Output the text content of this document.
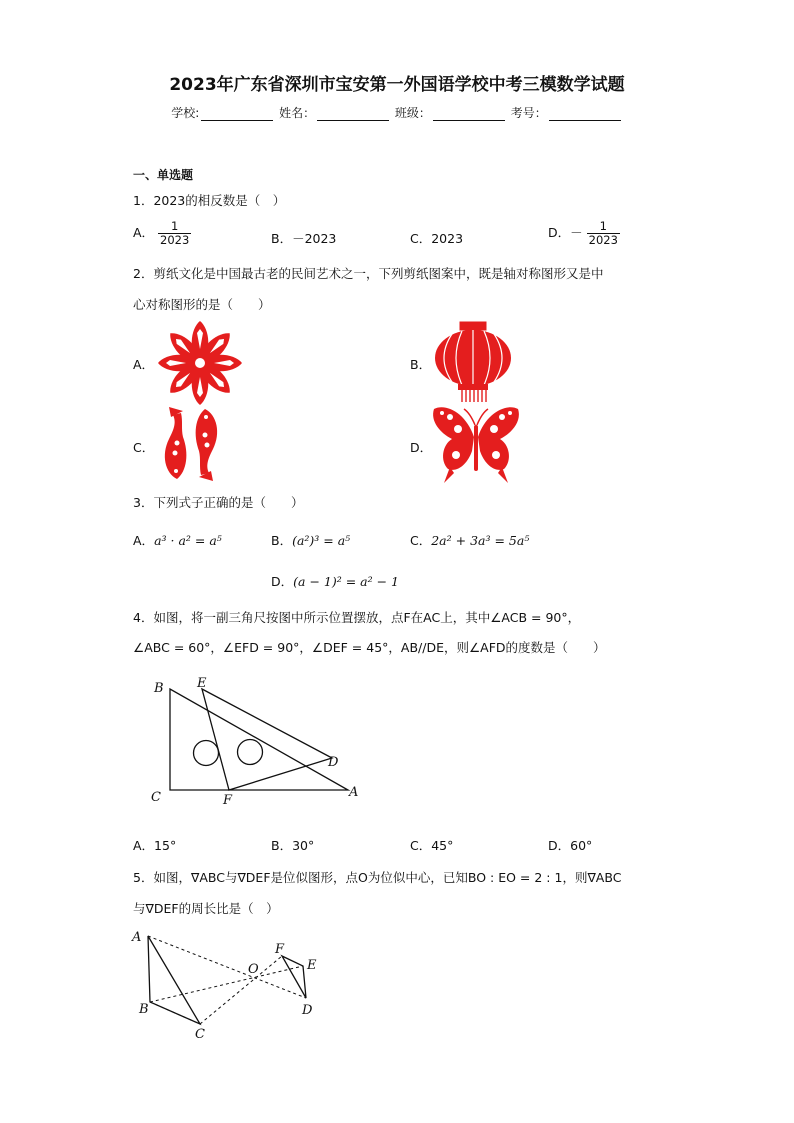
2023年广东省深圳市宝安第一外国语学校中考三模数学试题
学校:	姓名：	班级：	考号：
一、单选题
1．2023的相反数是（　）
A． $\frac{1}{2023}$	B．－2023	C．2023	D．－ $\frac{1}{2023}$
2．剪纸文化是中国最古老的民间艺术之一，下列剪纸图案中，既是轴对称图形又是中
心对称图形的是（　　）
A．	B．
C．	D．
3．下列式子正确的是（　　）
A．a³ · a² = a⁵	B．(a²)³ = a⁵	C．2a² + 3a³ = 5a⁵
D．(a − 1)² = a² − 1
4．如图，将一副三角尺按图中所示位置摆放，点F在AC上，其中∠ACB = 90°，
∠ABC = 60°，∠EFD = 90°，∠DEF = 45°，AB//DE，则∠AFD的度数是（　　）
B	E
D
C	F
A
A．15°	B．30°	C．45°	D．60°
5．如图，∇ABC与∇DEF是位似图形，点O为位似中心，已知BO : EO = 2 : 1，则∇ABC
与∇DEF的周长比是（　）
A
B
C
O
F
E
D
